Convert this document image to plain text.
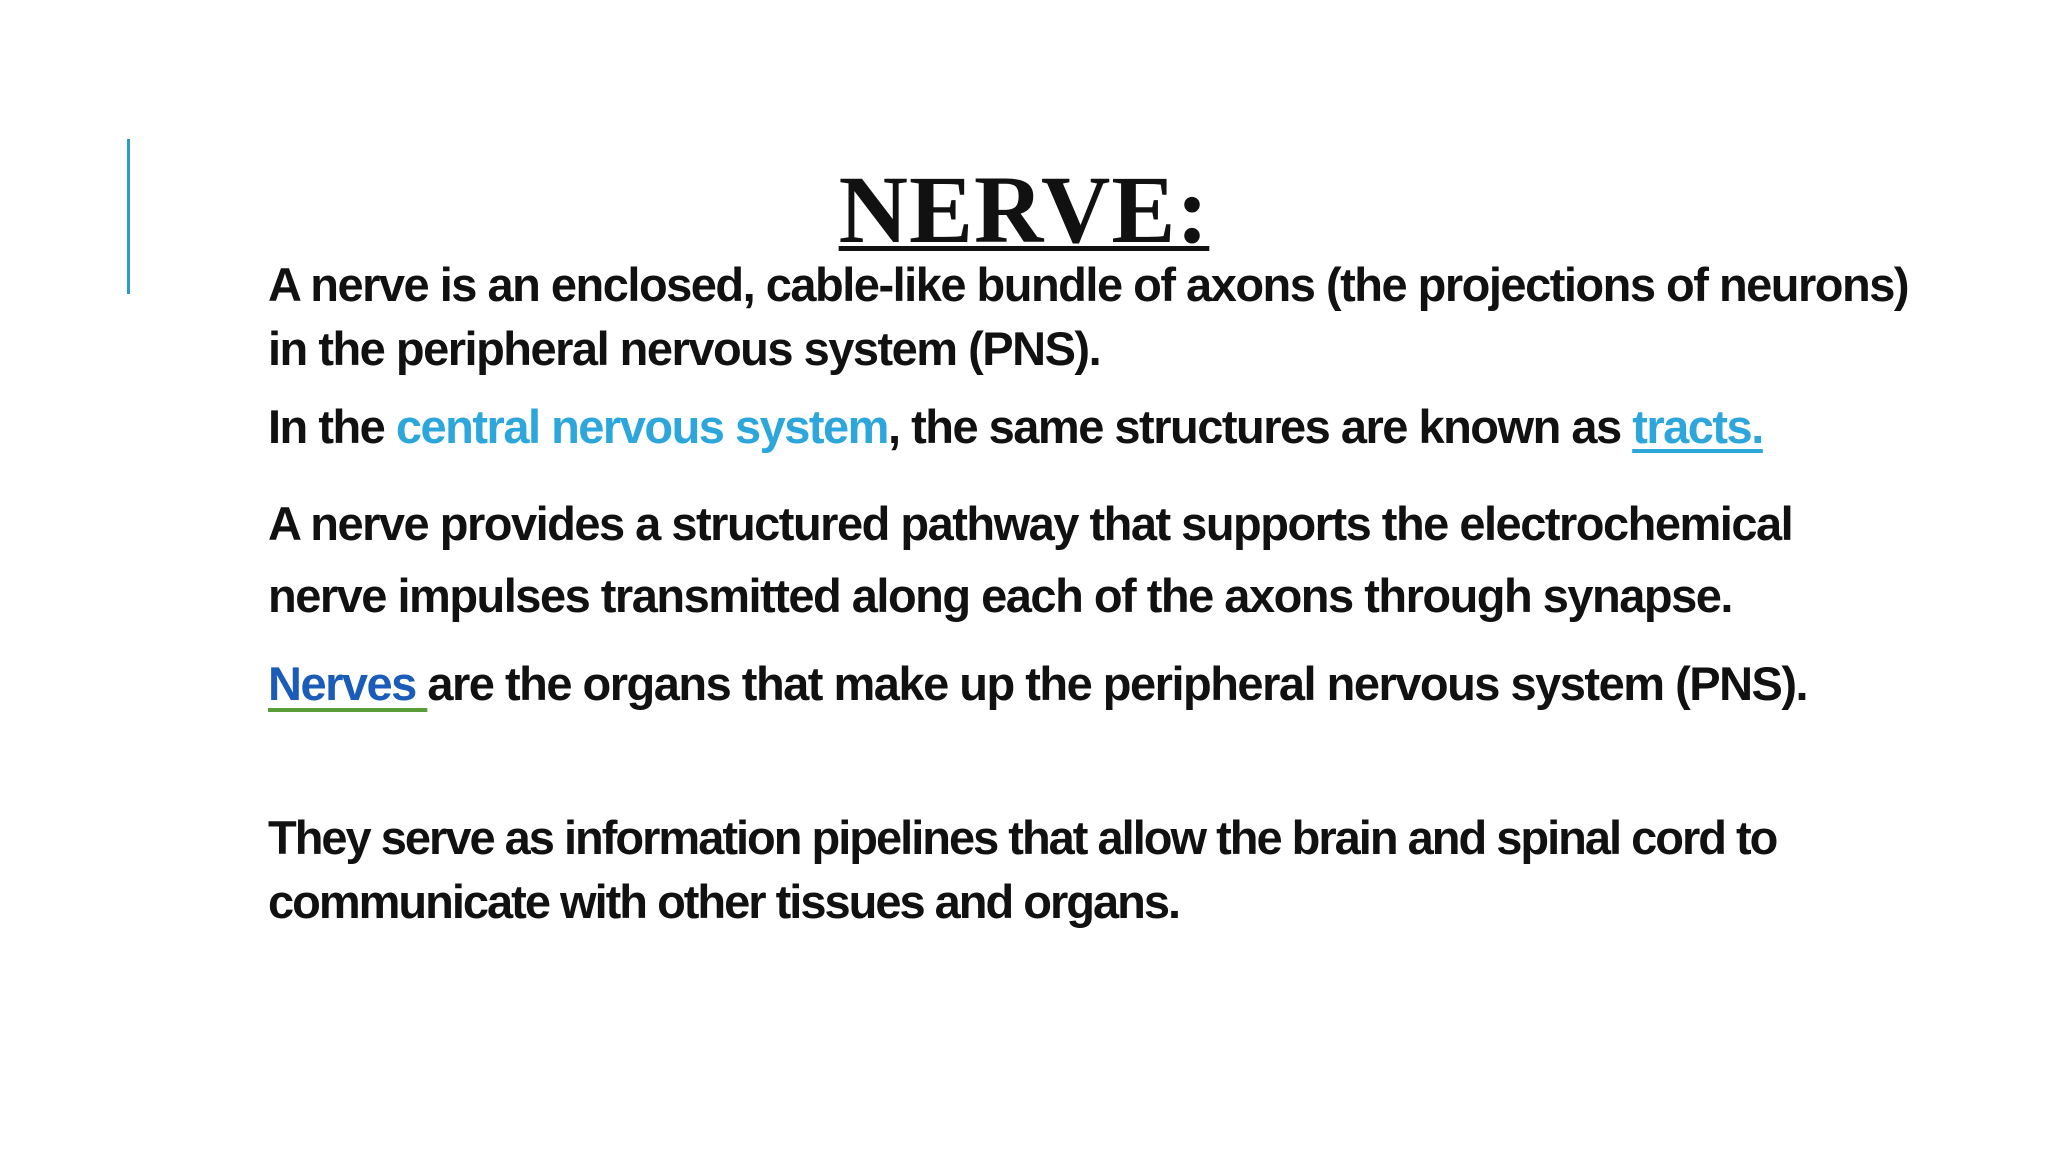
NERVE:

A nerve is an enclosed, cable-like bundle of axons (the projections of neurons) in the peripheral nervous system (PNS).

In the central nervous system, the same structures are known as tracts.

A nerve provides a structured pathway that supports the electrochemical nerve impulses transmitted along each of the axons through synapse.

Nerves are the organs that make up the peripheral nervous system (PNS).

They serve as information pipelines that allow the brain and spinal cord to communicate with other tissues and organs.
